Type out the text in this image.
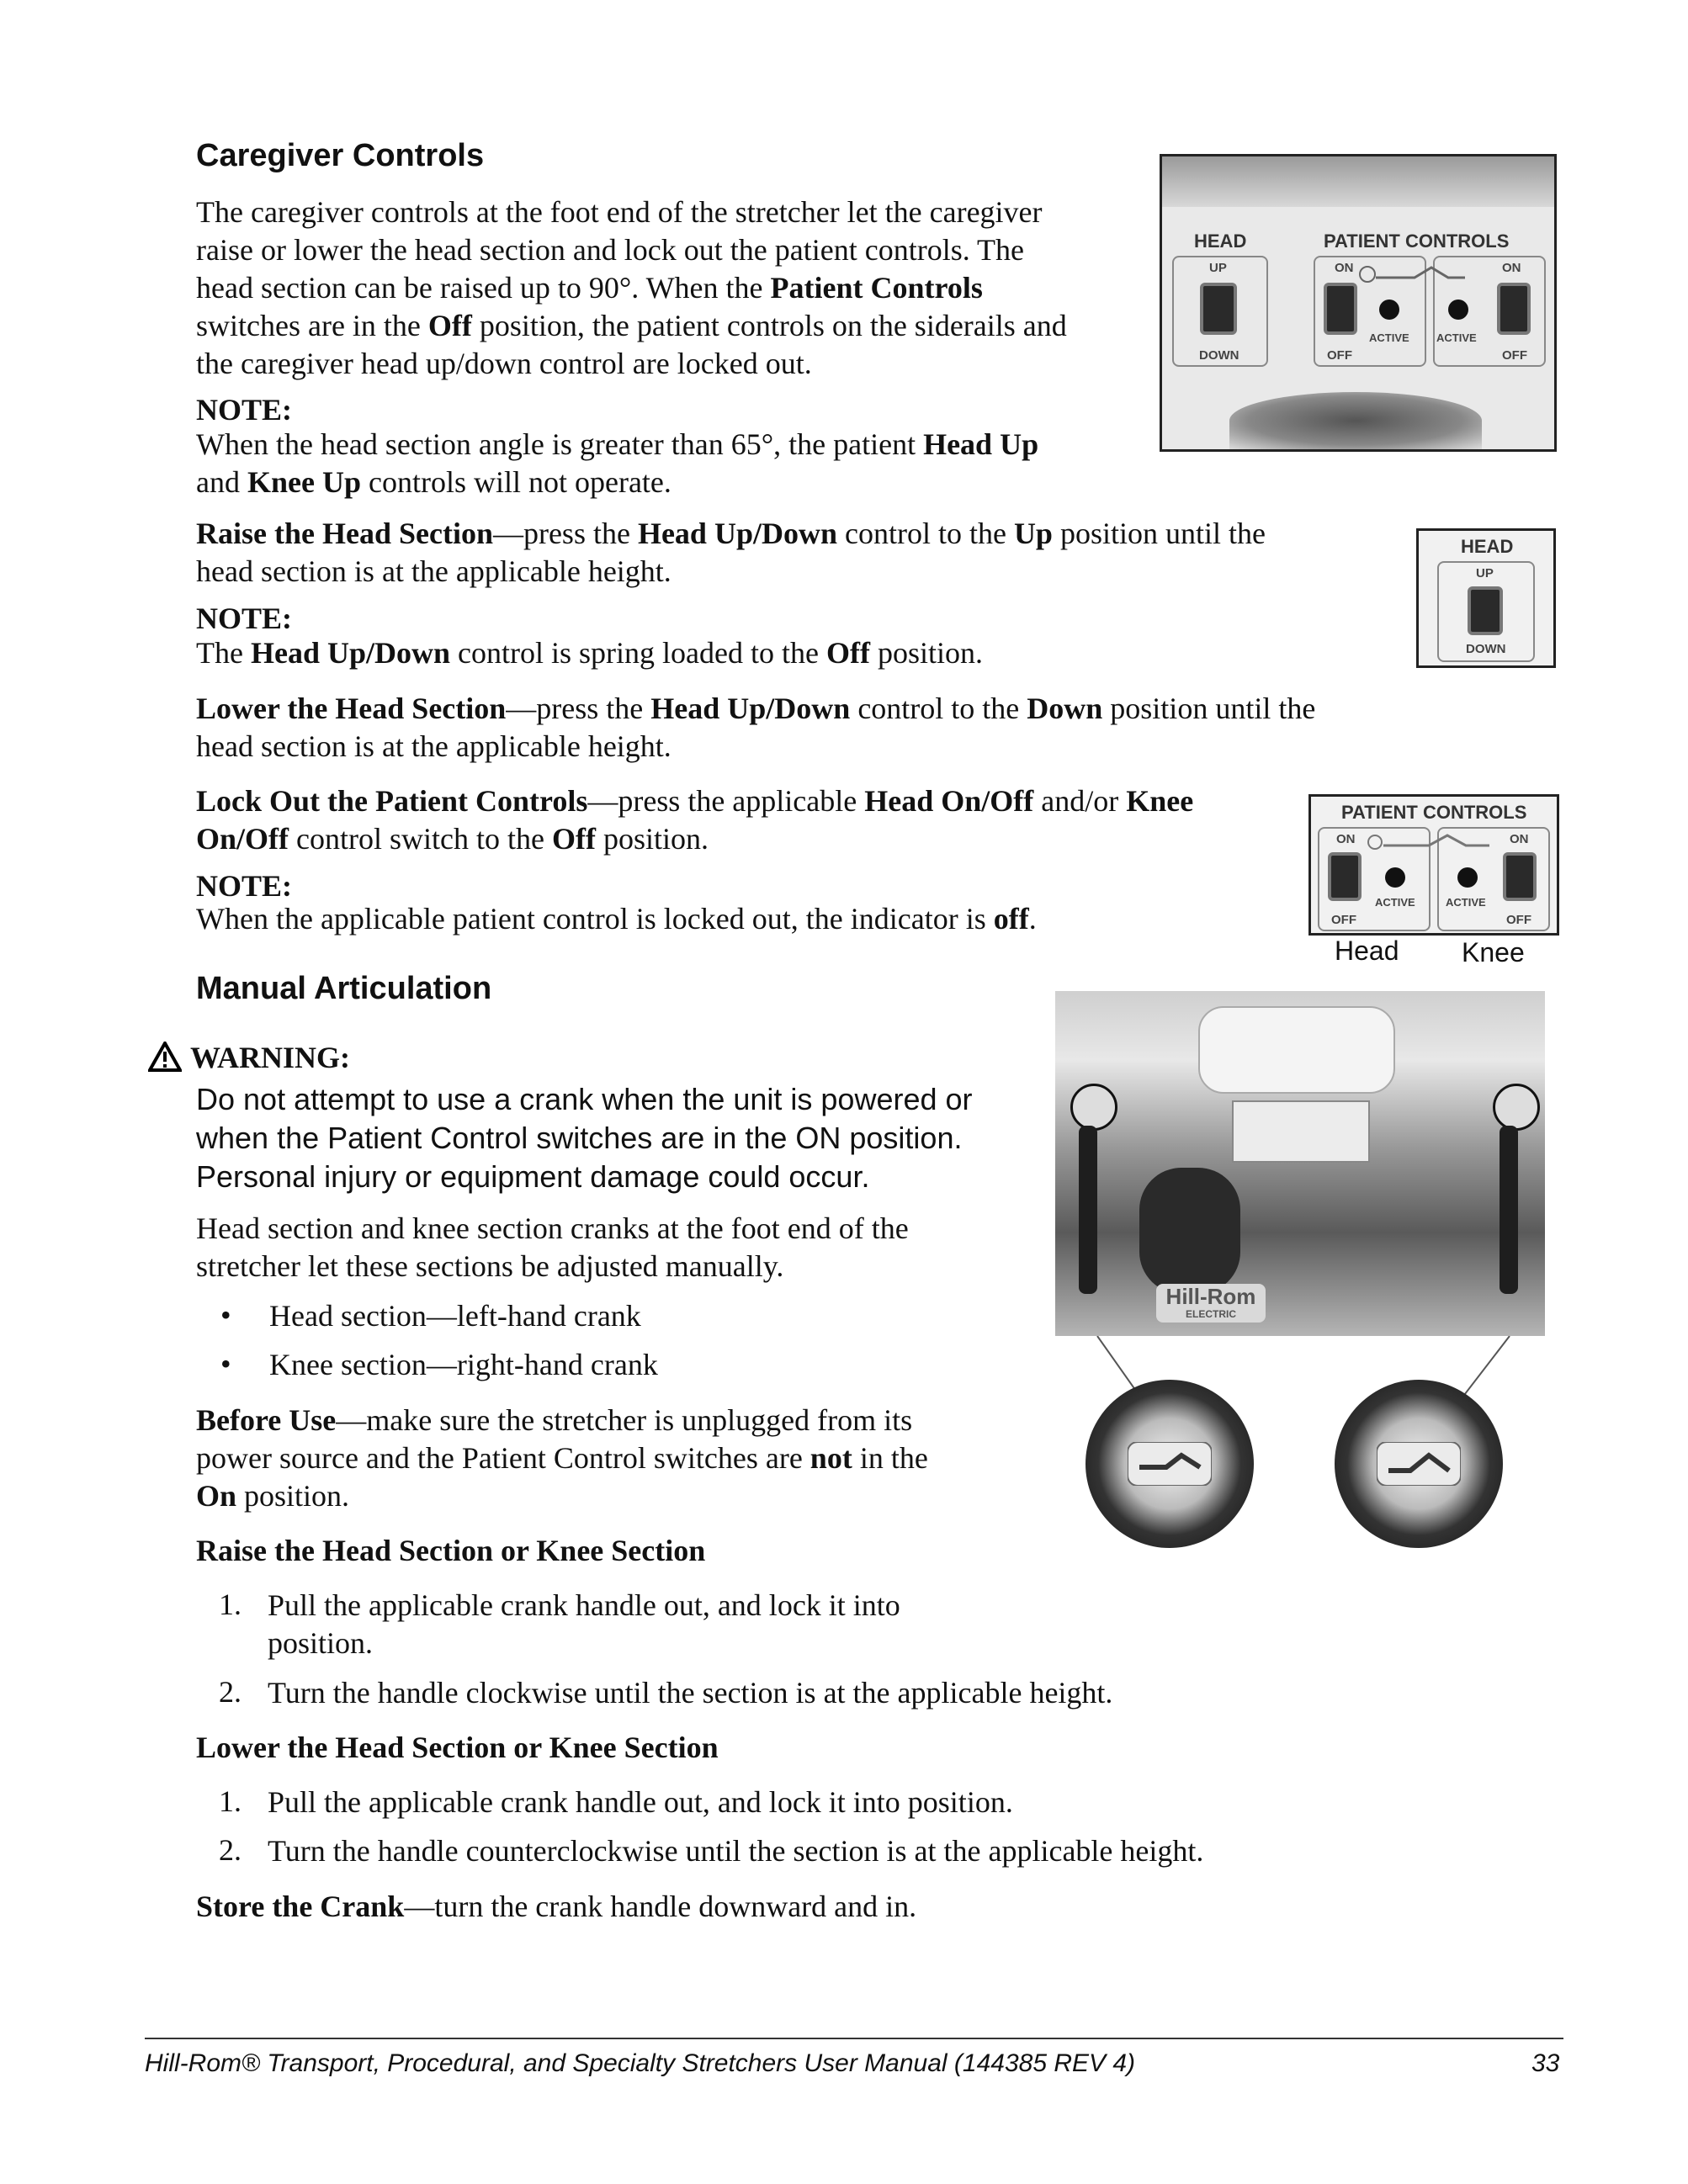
Caregiver Controls
The caregiver controls at the foot end of the stretcher let the caregiver
raise or lower the head section and lock out the patient controls. The
head section can be raised up to 90°. When the Patient Controls
switches are in the Off position, the patient controls on the siderails and
the caregiver head up/down control are locked out.
NOTE:
When the head section angle is greater than 65°, the patient Head Up
and Knee Up controls will not operate.
HEAD
UP
DOWN
PATIENT CONTROLS
ON	ON
ACTIVE ACTIVE
OFF	OFF
Raise the Head Section—press the Head Up/Down control to the Up position until the
head section is at the applicable height.
NOTE:
The Head Up/Down control is spring loaded to the Off position.
HEAD
UP
DOWN
Lower the Head Section—press the Head Up/Down control to the Down position until the
head section is at the applicable height.
Lock Out the Patient Controls—press the applicable Head On/Off and/or Knee
On/Off control switch to the Off position.
NOTE:
When the applicable patient control is locked out, the indicator is off.
PATIENT CONTROLS
ON	ON
ACTIVE	ACTIVE
OFF	OFF
Head Knee
Manual Articulation
WARNING:
Do not attempt to use a crank when the unit is powered or
when the Patient Control switches are in the ON position.
Personal injury or equipment damage could occur.
Head section and knee section cranks at the foot end of the
stretcher let these sections be adjusted manually.
• Head section—left-hand crank
• Knee section—right-hand crank
Before Use—make sure the stretcher is unplugged from its
power source and the Patient Control switches are not in the
On position.
Hill-Rom
ELECTRIC
Raise the Head Section or Knee Section
1. Pull the applicable crank handle out, and lock it into
position.
2. Turn the handle clockwise until the section is at the applicable height.
Lower the Head Section or Knee Section
1. Pull the applicable crank handle out, and lock it into position.
2. Turn the handle counterclockwise until the section is at the applicable height.
Store the Crank—turn the crank handle downward and in.
Hill-Rom® Transport, Procedural, and Specialty Stretchers User Manual (144385 REV 4)	33
